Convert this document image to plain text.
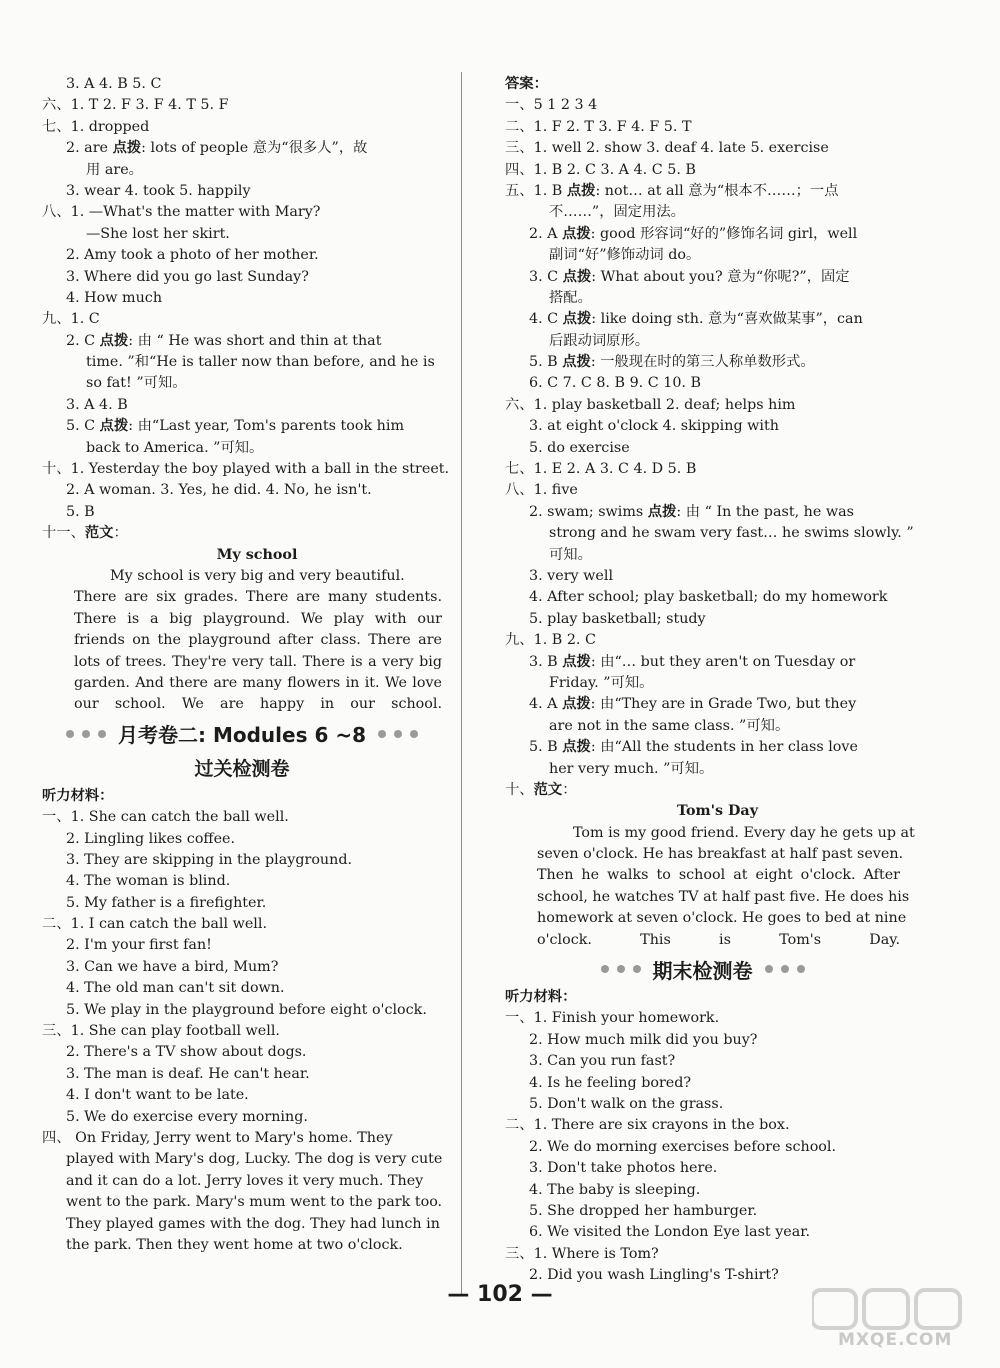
3. A 4. B 5. C
六、1. T 2. F 3. F 4. T 5. F
七、1. dropped
2. are 点拨: lots of people 意为“很多人”，故
用 are。
3. wear 4. took 5. happily
八、1. —What's the matter with Mary?
—She lost her skirt.
2. Amy took a photo of her mother.
3. Where did you go last Sunday?
4. How much
九、1. C
2. C 点拨: 由 “ He was short and thin at that
time. ”和“He is taller now than before, and he is
so fat! ”可知。
3. A 4. B
5. C 点拨: 由“Last year, Tom's parents took him
back to America. ”可知。
十、1. Yesterday the boy played with a ball in the street.
2. A woman. 3. Yes, he did. 4. No, he isn't.
5. B
十一、范文：
My school
My school is very big and very beautiful.
There are six grades. There are many students.
There is a big playground. We play with our
friends on the playground after class. There are
lots of trees. They're very tall. There is a very big
garden. And there are many flowers in it. We love
our school. We are happy in our school.
月考卷二: Modules 6 ~8
过关检测卷
听力材料：
一、1. She can catch the ball well.
2. Lingling likes coffee.
3. They are skipping in the playground.
4. The woman is blind.
5. My father is a firefighter.
二、1. I can catch the ball well.
2. I'm your first fan!
3. Can we have a bird, Mum?
4. The old man can't sit down.
5. We play in the playground before eight o'clock.
三、1. She can play football well.
2. There's a TV show about dogs.
3. The man is deaf. He can't hear.
4. I don't want to be late.
5. We do exercise every morning.
四、 On Friday, Jerry went to Mary's home. They
played with Mary's dog, Lucky. The dog is very cute
and it can do a lot. Jerry loves it very much. They
went to the park. Mary's mum went to the park too.
They played games with the dog. They had lunch in
the park. Then they went home at two o'clock.
答案：
一、5 1 2 3 4
二、1. F 2. T 3. F 4. F 5. T
三、1. well 2. show 3. deaf 4. late 5. exercise
四、1. B 2. C 3. A 4. C 5. B
五、1. B 点拨: not… at all 意为“根本不……；一点
不……”，固定用法。
2. A 点拨: good 形容词“好的”修饰名词 girl，well
副词“好”修饰动词 do。
3. C 点拨: What about you? 意为“你呢?”，固定
搭配。
4. C 点拨: like doing sth. 意为“喜欢做某事”，can
后跟动词原形。
5. B 点拨: 一般现在时的第三人称单数形式。
6. C 7. C 8. B 9. C 10. B
六、1. play basketball 2. deaf; helps him
3. at eight o'clock 4. skipping with
5. do exercise
七、1. E 2. A 3. C 4. D 5. B
八、1. five
2. swam; swims 点拨: 由 “ In the past, he was
strong and he swam very fast… he swims slowly. ”
可知。
3. very well
4. After school; play basketball; do my homework
5. play basketball; study
九、1. B 2. C
3. B 点拨: 由“… but they aren't on Tuesday or
Friday. ”可知。
4. A 点拨: 由“They are in Grade Two, but they
are not in the same class. ”可知。
5. B 点拨: 由“All the students in her class love
her very much. ”可知。
十、范文：
Tom's Day
Tom is my good friend. Every day he gets up at
seven o'clock. He has breakfast at half past seven.
Then he walks to school at eight o'clock. After
school, he watches TV at half past five. He does his
homework at seven o'clock. He goes to bed at nine
o'clock. This is Tom's Day.
期末检测卷
听力材料：
一、1. Finish your homework.
2. How much milk did you buy?
3. Can you run fast?
4. Is he feeling bored?
5. Don't walk on the grass.
二、1. There are six crayons in the box.
2. We do morning exercises before school.
3. Don't take photos here.
4. The baby is sleeping.
5. She dropped her hamburger.
6. We visited the London Eye last year.
三、1. Where is Tom?
2. Did you wash Lingling's T-shirt?
— 102 —
MXQE.COM
